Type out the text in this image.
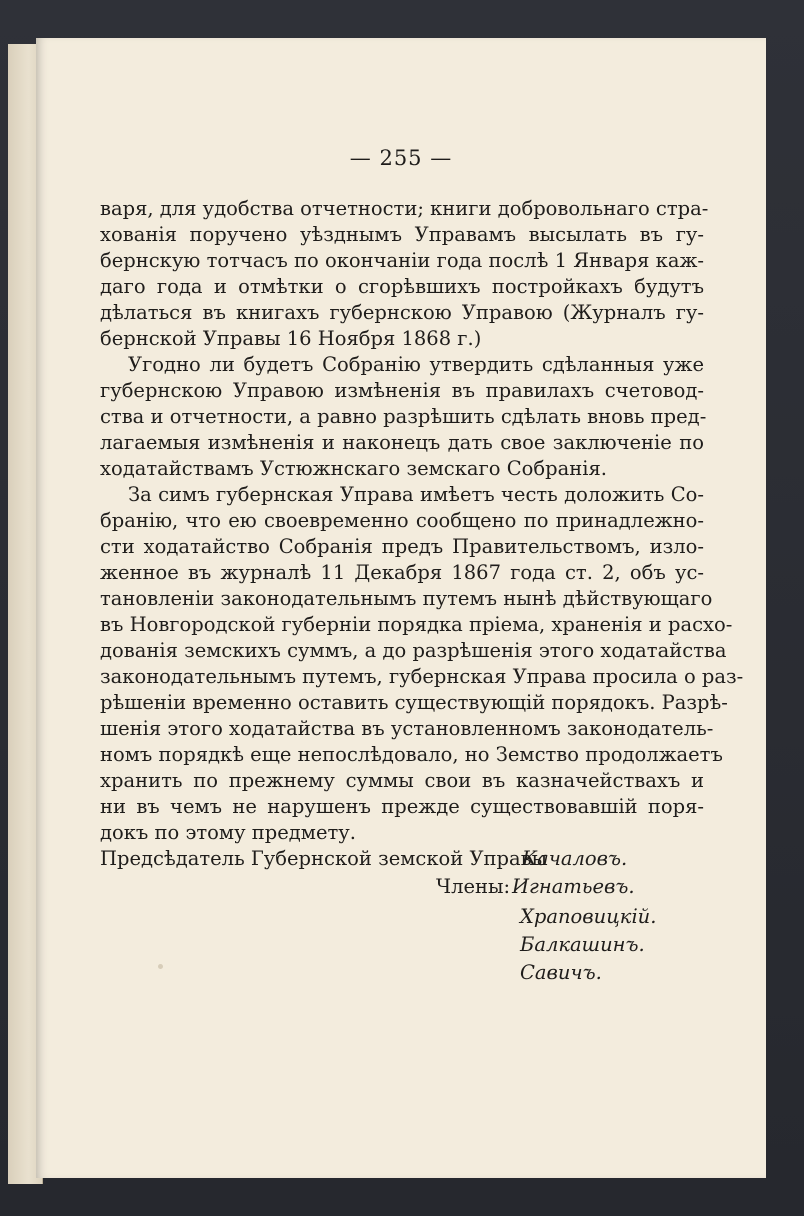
— 255 —
варя, для удобства отчетности; книги добровольнаго стра-
хованія поручено уѣзднымъ Управамъ высылать въ гу-
бернскую тотчасъ по окончаніи года послѣ 1 Января каж-
даго года и отмѣтки о сгорѣвшихъ постройкахъ будутъ
дѣлаться въ книгахъ губернскою Управою (Журналъ гу-
бернской Управы 16 Ноября 1868 г.)
Угодно ли будетъ Собранію утвердить сдѣланныя уже
губернскою Управою измѣненія въ правилахъ счетовод-
ства и отчетности, а равно разрѣшить сдѣлать вновь пред-
лагаемыя измѣненія и наконецъ дать свое заключеніе по
ходатайствамъ Устюжнскаго земскаго Собранія.
За симъ губернская Управа имѣетъ честь доложить Со-
бранію, что ею своевременно сообщено по принадлежно-
сти ходатайство Собранія предъ Правительствомъ, изло-
женное въ журналѣ 11 Декабря 1867 года ст. 2, объ ус-
тановленіи законодательнымъ путемъ нынѣ дѣйствующаго
въ Новгородской губерніи порядка пріема, храненія и расхо-
дованія земскихъ суммъ, а до разрѣшенія этого ходатайства
законодательнымъ путемъ, губернская Управа просила о раз-
рѣшеніи временно оставить существующій порядокъ. Разрѣ-
шенія этого ходатайства въ установленномъ законодатель-
номъ порядкѣ еще непослѣдовало, но Земство продолжаетъ
хранить по прежнему суммы свои въ казначействахъ и
ни въ чемъ не нарушенъ прежде существовавшій поря-
докъ по этому предмету.
Предсѣдатель Губернской земской Управы
Качаловъ.
Члены: Игнатьевъ.
Храповицкій.
Балкашинъ.
Савичъ.
